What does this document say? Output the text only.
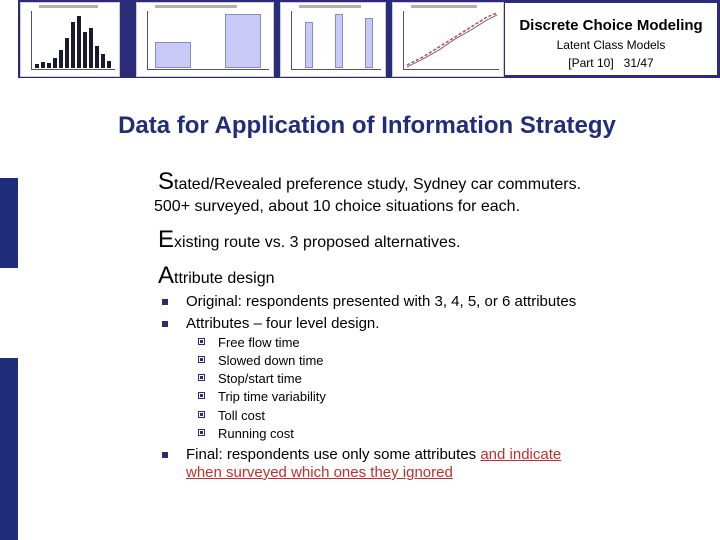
Discrete Choice Modeling
Latent Class Models
[Part 10] 31/47
Data for Application of Information Strategy
Stated/Revealed preference study, Sydney car commuters.
500+ surveyed, about 10 choice situations for each.
Existing route vs. 3 proposed alternatives.
Attribute design
Original: respondents presented with 3, 4, 5, or 6 attributes
Attributes – four level design.
Free flow time
Slowed down time
Stop/start time
Trip time variability
Toll cost
Running cost
Final: respondents use only some attributes and indicate
when surveyed which ones they ignored
